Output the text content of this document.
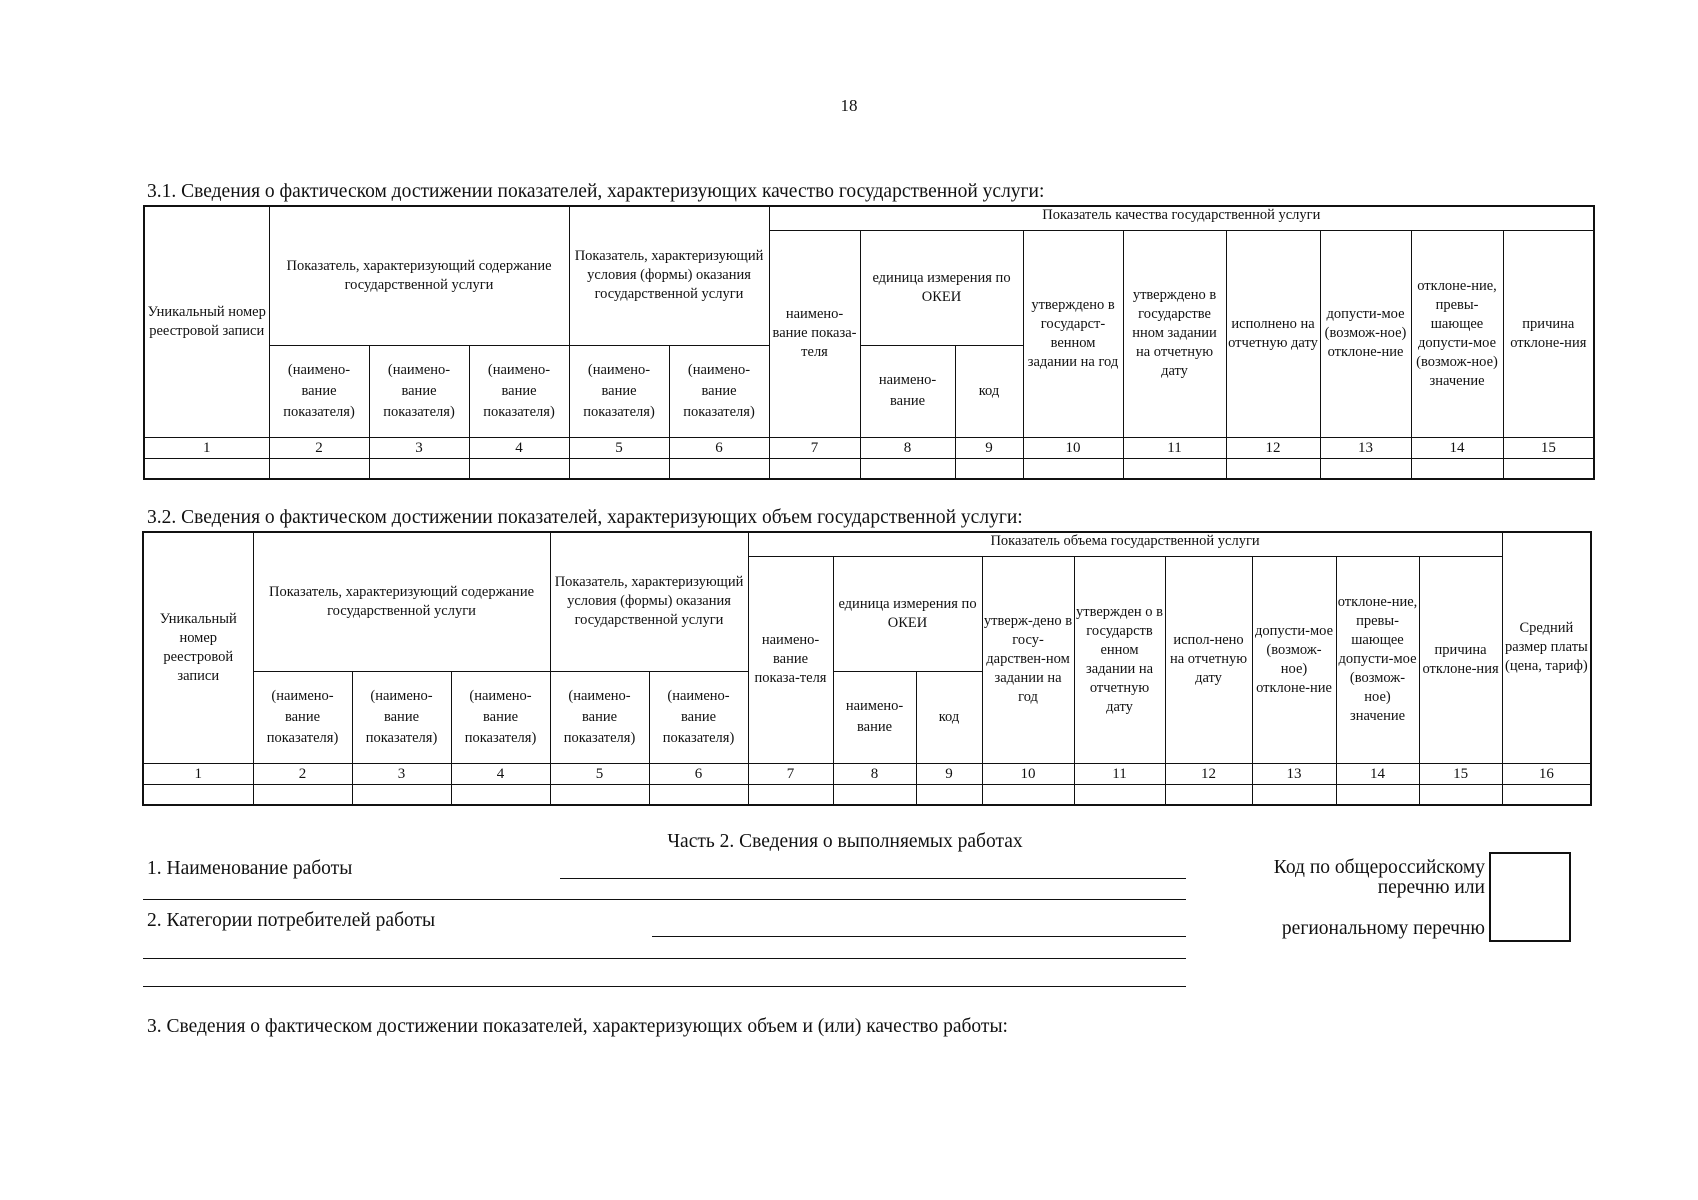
18
3.1. Сведения о фактическом достижении показателей, характеризующих качество государственной услуги:
Уникальный номер реестровой записи	Показатель, характеризующий содержание государственной услуги			Показатель, характеризующий условия (формы) оказания государственной услуги		Показатель качества государственной услуги								
						наимено-вание показа-теля	единица измерения по ОКЕИ		утверждено в государст-венном задании на год	утверждено в государстве нном задании на отчетную дату	исполнено на отчетную дату	допусти-мое (возмож-ное) отклоне-ние	отклоне-ние, превы-шающее допусти-мое (возмож-ное) значение	причина отклоне-ния
	(наимено-вание показателя)	(наимено-вание показателя)	(наимено-вание показателя)	(наимено-вание показателя)	(наимено-вание показателя)		наимено-вание	код						
1	2	3	4	5	6	7	8	9	10	11	12	13	14	15

3.2. Сведения о фактическом достижении показателей, характеризующих объем государственной услуги:
Уникальный номер реестровой записи	Показатель, характеризующий содержание государственной услуги			Показатель, характеризующий условия (формы) оказания государственной услуги		Показатель объема государственной услуги									Средний размер платы (цена, тариф)
						наимено-вание показа-теля	единица измерения по ОКЕИ		утверж-дено в госу-дарствен-ном задании на год	утвержден о в государств енном задании на отчетную дату	испол-нено на отчетную дату	допусти-мое (возмож-ное) отклоне-ние	отклоне-ние, превы-шающее допусти-мое (возмож-ное) значение	причина отклоне-ния	
	(наимено-вание показателя)	(наимено-вание показателя)	(наимено-вание показателя)	(наимено-вание показателя)	(наимено-вание показателя)		наимено-вание	код							
1	2	3	4	5	6	7	8	9	10	11	12	13	14	15	16

Часть 2. Сведения о выполняемых работах
1. Наименование работы
2. Категории потребителей работы
Код по общероссийскому
перечню или
региональному перечню
3. Сведения о фактическом достижении показателей, характеризующих объем и (или) качество работы:
